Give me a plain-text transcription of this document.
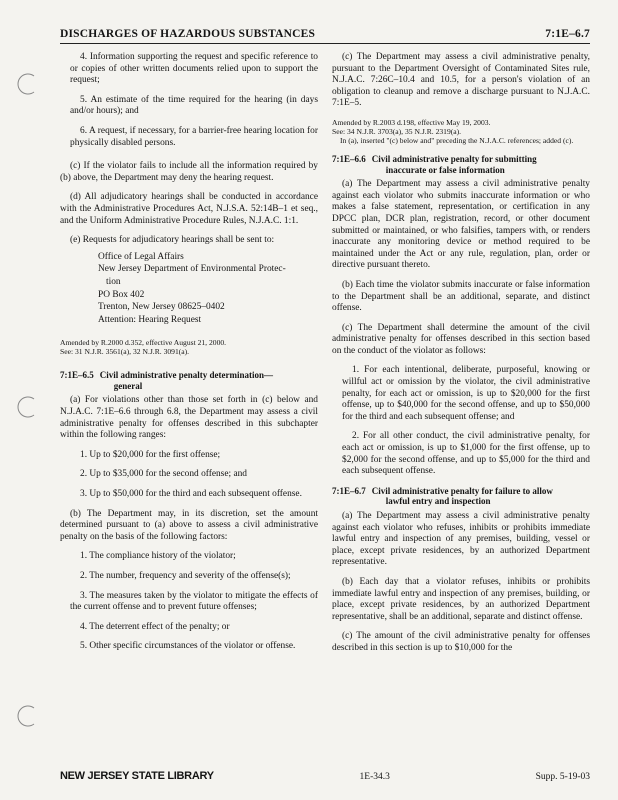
DISCHARGES OF HAZARDOUS SUBSTANCES	7:1E–6.7

4. Information supporting the request and specific reference to or copies of other written documents relied upon to support the request;

5. An estimate of the time required for the hearing (in days and/or hours); and

6. A request, if necessary, for a barrier-free hearing location for physically disabled persons.

(c) If the violator fails to include all the information required by (b) above, the Department may deny the hearing request.

(d) All adjudicatory hearings shall be conducted in accordance with the Administrative Procedures Act, N.J.S.A. 52:14B–1 et seq., and the Uniform Administrative Procedure Rules, N.J.A.C. 1:1.

(e) Requests for adjudicatory hearings shall be sent to:

Office of Legal Affairs
New Jersey Department of Environmental Protec-
tion
PO Box 402
Trenton, New Jersey 08625–0402
Attention: Hearing Request
Amended by R.2000 d.352, effective August 21, 2000.
See: 31 N.J.R. 3561(a), 32 N.J.R. 3091(a).
7:1E–6.5 Civil administrative penalty determination—
general

(a) For violations other than those set forth in (c) below and N.J.A.C. 7:1E–6.6 through 6.8, the Department may assess a civil administrative penalty for offenses described in this subchapter within the following ranges:

1. Up to $20,000 for the first offense;

2. Up to $35,000 for the second offense; and

3. Up to $50,000 for the third and each subsequent offense.

(b) The Department may, in its discretion, set the amount determined pursuant to (a) above to assess a civil administrative penalty on the basis of the following factors:

1. The compliance history of the violator;

2. The number, frequency and severity of the offense(s);

3. The measures taken by the violator to mitigate the effects of the current offense and to prevent future offenses;

4. The deterrent effect of the penalty; or

5. Other specific circumstances of the violator or offense.

(c) The Department may assess a civil administrative penalty, pursuant to the Department Oversight of Contaminated Sites rule, N.J.A.C. 7:26C–10.4 and 10.5, for a person's violation of an obligation to cleanup and remove a discharge pursuant to N.J.A.C. 7:1E–5.

Amended by R.2003 d.198, effective May 19, 2003.
See: 34 N.J.R. 3703(a), 35 N.J.R. 2319(a).
In (a), inserted "(c) below and" preceding the N.J.A.C. references; added (c).
7:1E–6.6 Civil administrative penalty for submitting
inaccurate or false information

(a) The Department may assess a civil administrative penalty against each violator who submits inaccurate information or who makes a false statement, representation, or certification in any DPCC plan, DCR plan, registration, record, or other document submitted or maintained, or who falsifies, tampers with, or renders inaccurate any monitoring device or method required to be maintained under the Act or any rule, regulation, plan, order or directive pursuant thereto.

(b) Each time the violator submits inaccurate or false information to the Department shall be an additional, separate, and distinct offense.

(c) The Department shall determine the amount of the civil administrative penalty for offenses described in this section based on the conduct of the violator as follows:

1. For each intentional, deliberate, purposeful, knowing or willful act or omission by the violator, the civil administrative penalty, for each act or omission, is up to $20,000 for the first offense, up to $40,000 for the second offense, and up to $50,000 for the third and each subsequent offense; and

2. For all other conduct, the civil administrative penalty, for each act or omission, is up to $1,000 for the first offense, up to $2,000 for the second offense, and up to $5,000 for the third and each subsequent offense.

7:1E–6.7 Civil administrative penalty for failure to allow
lawful entry and inspection

(a) The Department may assess a civil administrative penalty against each violator who refuses, inhibits or prohibits immediate lawful entry and inspection of any premises, building, vessel or place, except private residences, by an authorized Department representative.

(b) Each day that a violator refuses, inhibits or prohibits immediate lawful entry and inspection of any premises, building, or place, except private residences, by an authorized Department representative, shall be an additional, separate and distinct offense.

(c) The amount of the civil administrative penalty for offenses described in this section is up to $10,000 for the

NEW JERSEY STATE LIBRARY	1E-34.3	Supp. 5-19-03
